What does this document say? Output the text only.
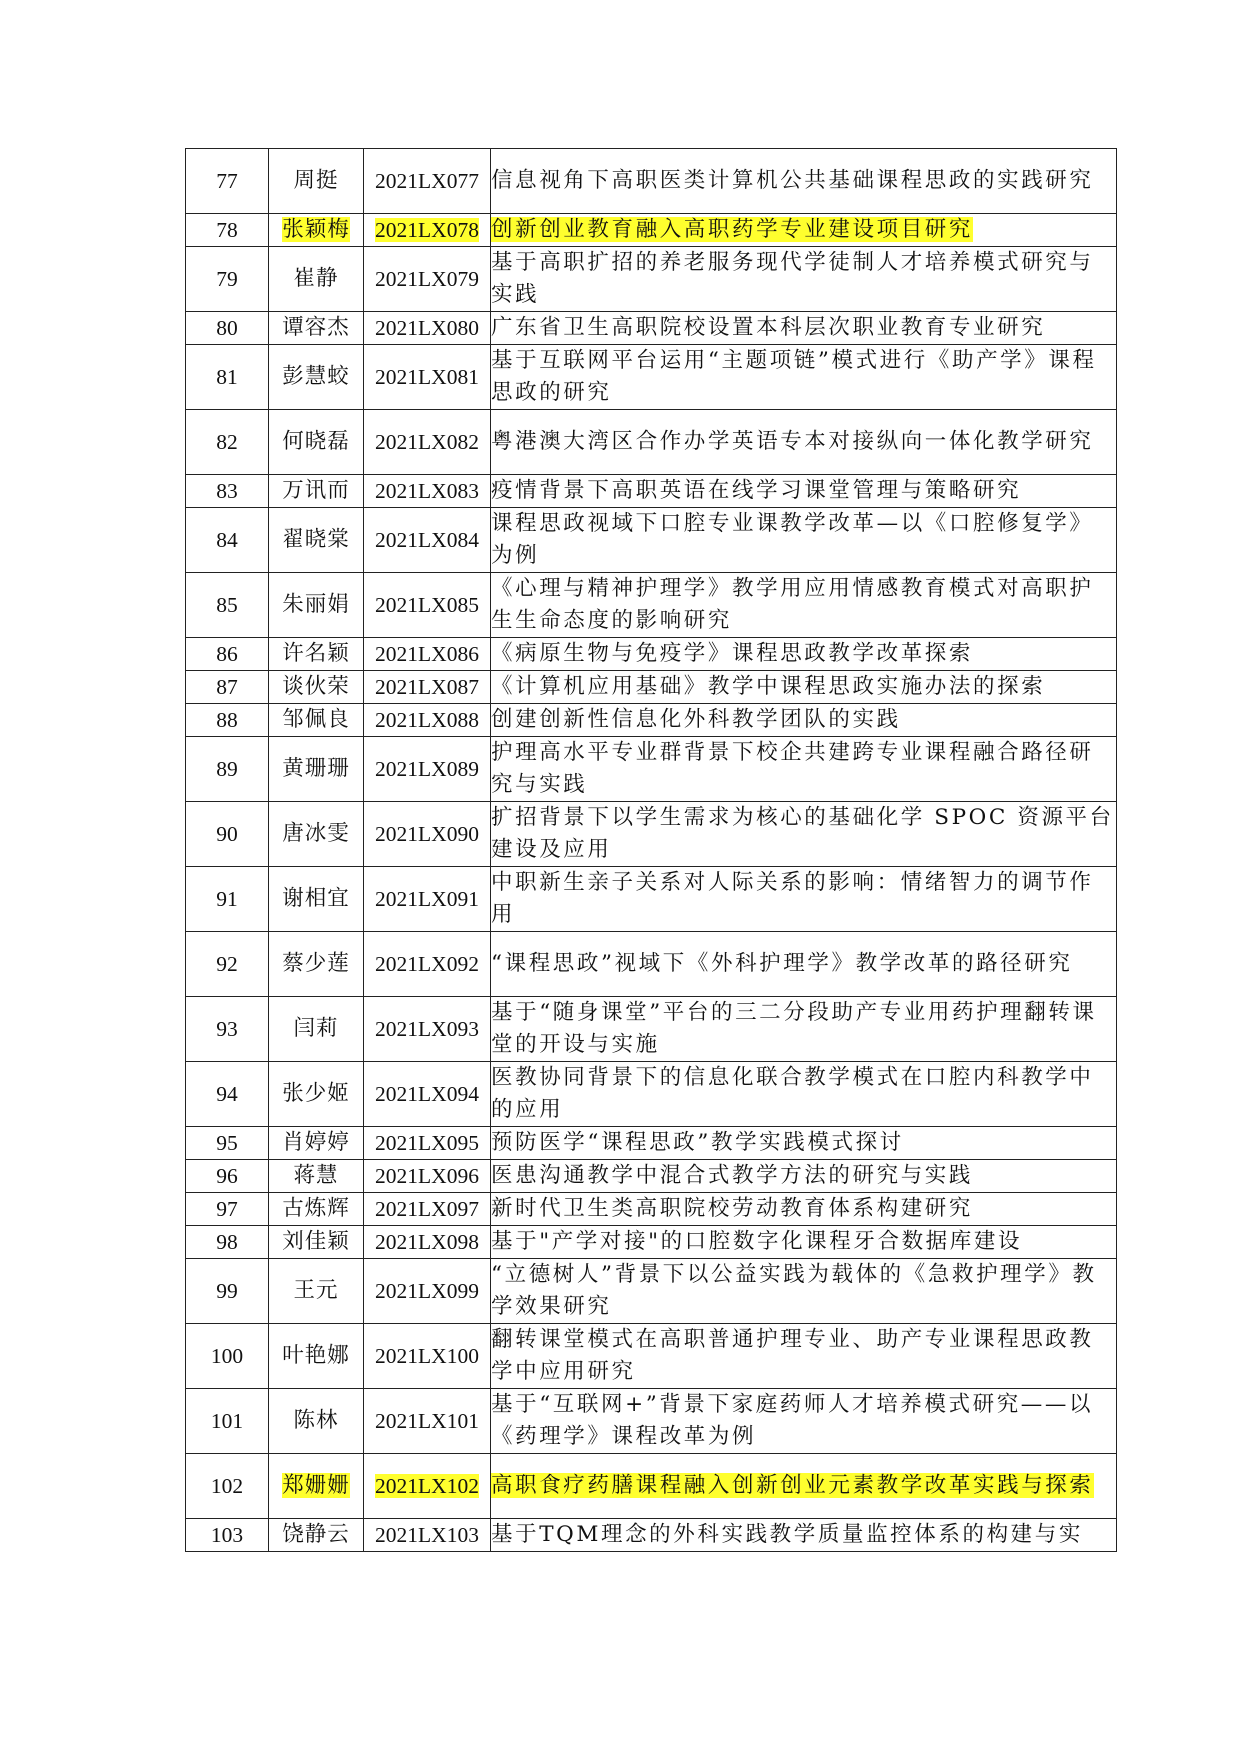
77	周挺	2021LX077	信息视角下高职医类计算机公共基础课程思政的实践研究
78	张颖梅	2021LX078	创新创业教育融入高职药学专业建设项目研究
79	崔静	2021LX079	基于高职扩招的养老服务现代学徒制人才培养模式研究与实践
80	谭容杰	2021LX080	广东省卫生高职院校设置本科层次职业教育专业研究
81	彭慧蛟	2021LX081	基于互联网平台运用“主题项链”模式进行《助产学》课程思政的研究
82	何晓磊	2021LX082	粤港澳大湾区合作办学英语专本对接纵向一体化教学研究
83	万讯而	2021LX083	疫情背景下高职英语在线学习课堂管理与策略研究
84	翟晓棠	2021LX084	课程思政视域下口腔专业课教学改革—以《口腔修复学》为例
85	朱丽娟	2021LX085	《心理与精神护理学》教学用应用情感教育模式对高职护生生命态度的影响研究
86	许名颖	2021LX086	《病原生物与免疫学》课程思政教学改革探索
87	谈伙荣	2021LX087	《计算机应用基础》教学中课程思政实施办法的探索
88	邹佩良	2021LX088	创建创新性信息化外科教学团队的实践
89	黄珊珊	2021LX089	护理高水平专业群背景下校企共建跨专业课程融合路径研究与实践
90	唐冰雯	2021LX090	扩招背景下以学生需求为核心的基础化学 SPOC 资源平台建设及应用
91	谢相宜	2021LX091	中职新生亲子关系对人际关系的影响：情绪智力的调节作用
92	蔡少莲	2021LX092	“课程思政”视域下《外科护理学》教学改革的路径研究
93	闫莉	2021LX093	基于“随身课堂”平台的三二分段助产专业用药护理翻转课堂的开设与实施
94	张少姬	2021LX094	医教协同背景下的信息化联合教学模式在口腔内科教学中的应用
95	肖婷婷	2021LX095	预防医学“课程思政”教学实践模式探讨
96	蒋慧	2021LX096	医患沟通教学中混合式教学方法的研究与实践
97	古炼辉	2021LX097	新时代卫生类高职院校劳动教育体系构建研究
98	刘佳颖	2021LX098	基于"产学对接"的口腔数字化课程牙合数据库建设
99	王元	2021LX099	“立德树人”背景下以公益实践为载体的《急救护理学》教学效果研究
100	叶艳娜	2021LX100	翻转课堂模式在高职普通护理专业、助产专业课程思政教学中应用研究
101	陈林	2021LX101	基于“互联网+”背景下家庭药师人才培养模式研究——以《药理学》课程改革为例
102	郑姗姗	2021LX102	高职食疗药膳课程融入创新创业元素教学改革实践与探索
103	饶静云	2021LX103	基于TQM理念的外科实践教学质量监控体系的构建与实
